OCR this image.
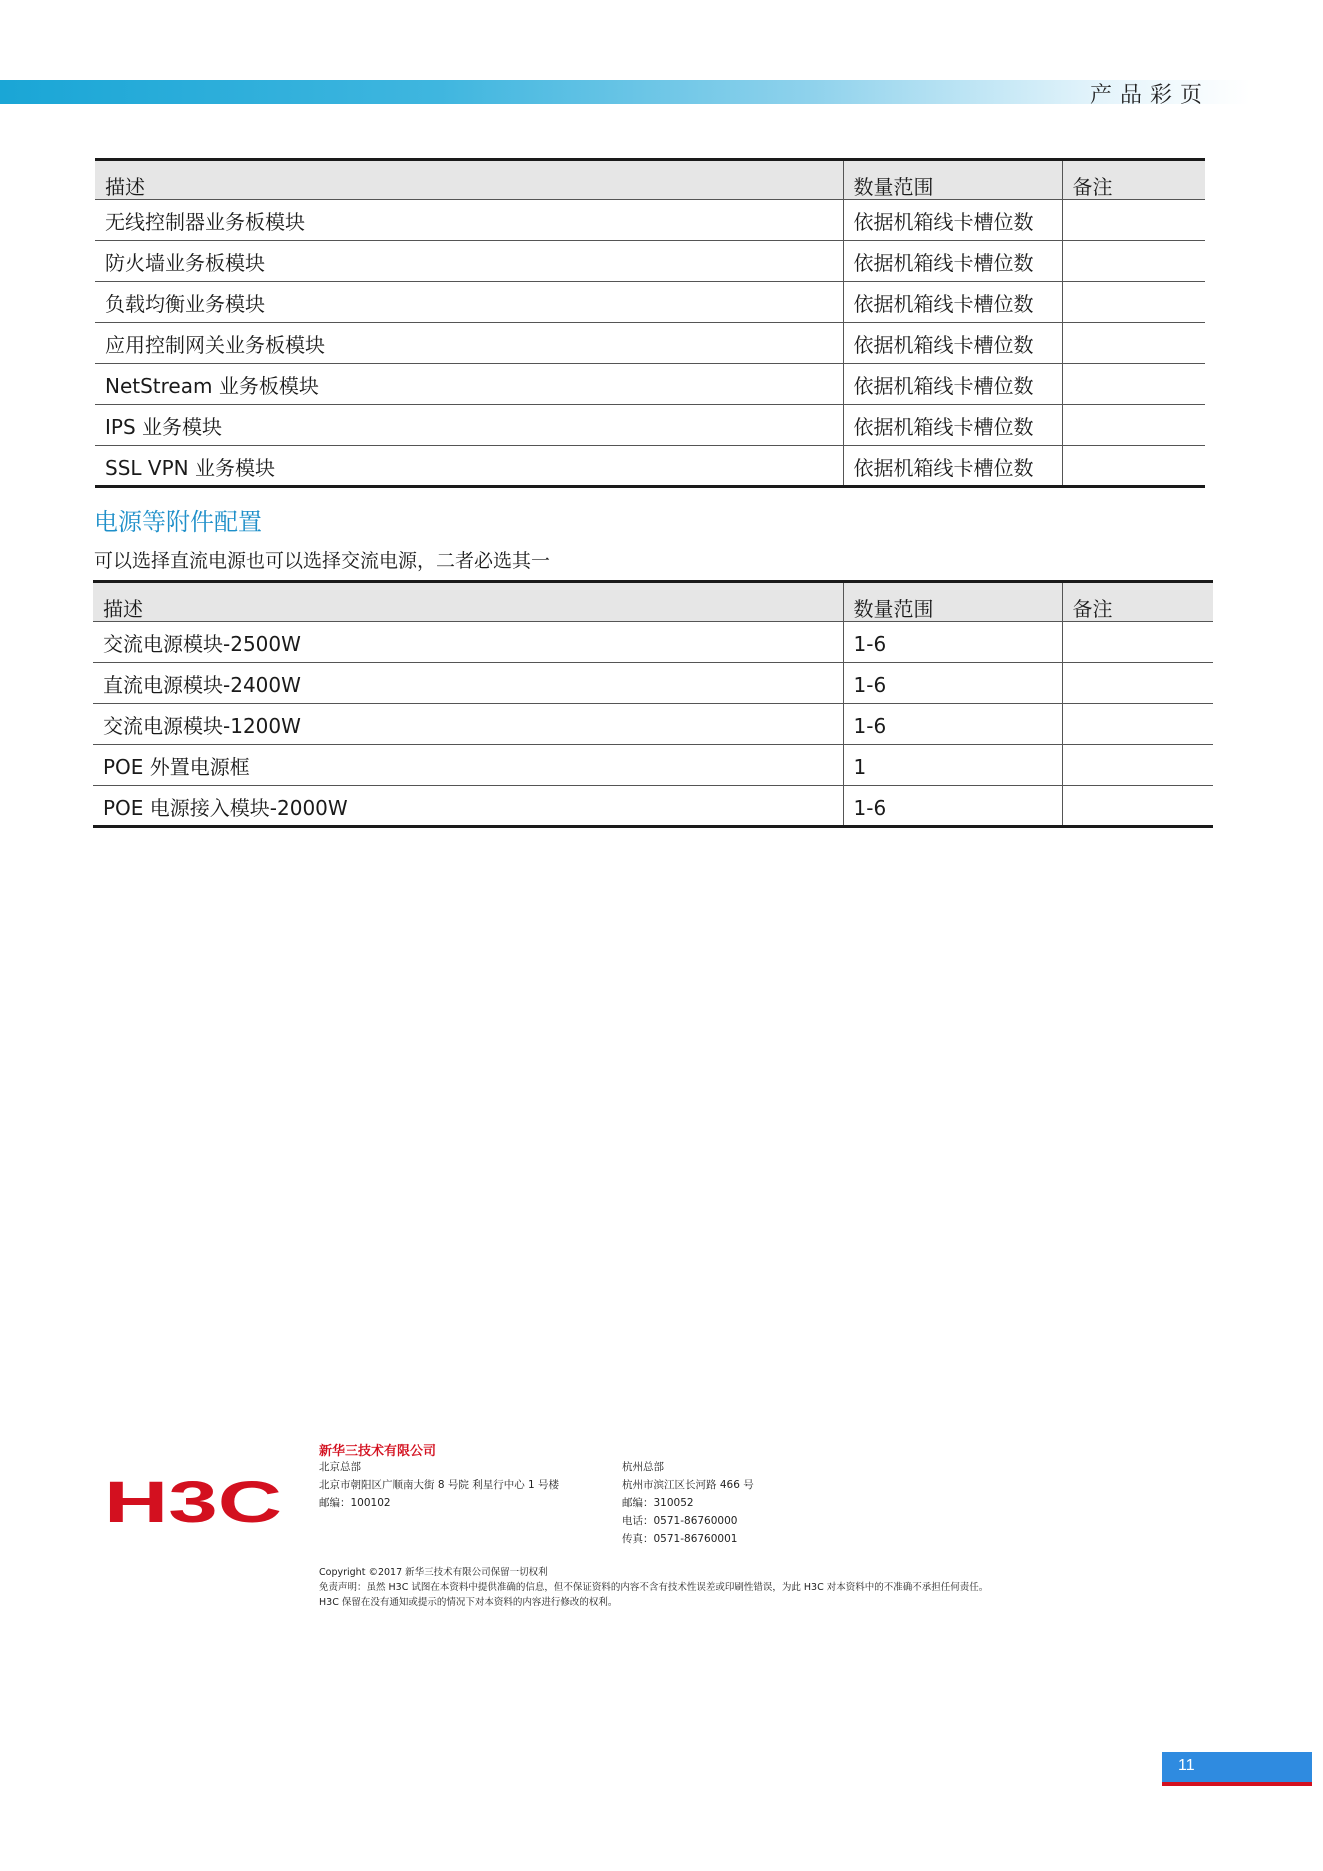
产品彩页
描述	数量范围	备注
无线控制器业务板模块	依据机箱线卡槽位数	
防火墙业务板模块	依据机箱线卡槽位数	
负载均衡业务模块	依据机箱线卡槽位数	
应用控制网关业务板模块	依据机箱线卡槽位数	
NetStream 业务板模块	依据机箱线卡槽位数	
IPS 业务模块	依据机箱线卡槽位数	
SSL VPN 业务模块	依据机箱线卡槽位数	
电源等附件配置
可以选择直流电源也可以选择交流电源，二者必选其一
描述	数量范围	备注
交流电源模块-2500W	1-6	
直流电源模块-2400W	1-6	
交流电源模块-1200W	1-6	
POE 外置电源框	1	
POE 电源接入模块-2000W	1-6	
H3C
新华三技术有限公司
北京总部
北京市朝阳区广顺南大街 8 号院 利星行中心 1 号楼
邮编：100102
杭州总部
杭州市滨江区长河路 466 号
邮编：310052
电话：0571-86760000
传真：0571-86760001
Copyright ©2017 新华三技术有限公司保留一切权利
免责声明：虽然 H3C 试图在本资料中提供准确的信息，但不保证资料的内容不含有技术性误差或印刷性错误，为此 H3C 对本资料中的不准确不承担任何责任。
H3C 保留在没有通知或提示的情况下对本资料的内容进行修改的权利。
11
